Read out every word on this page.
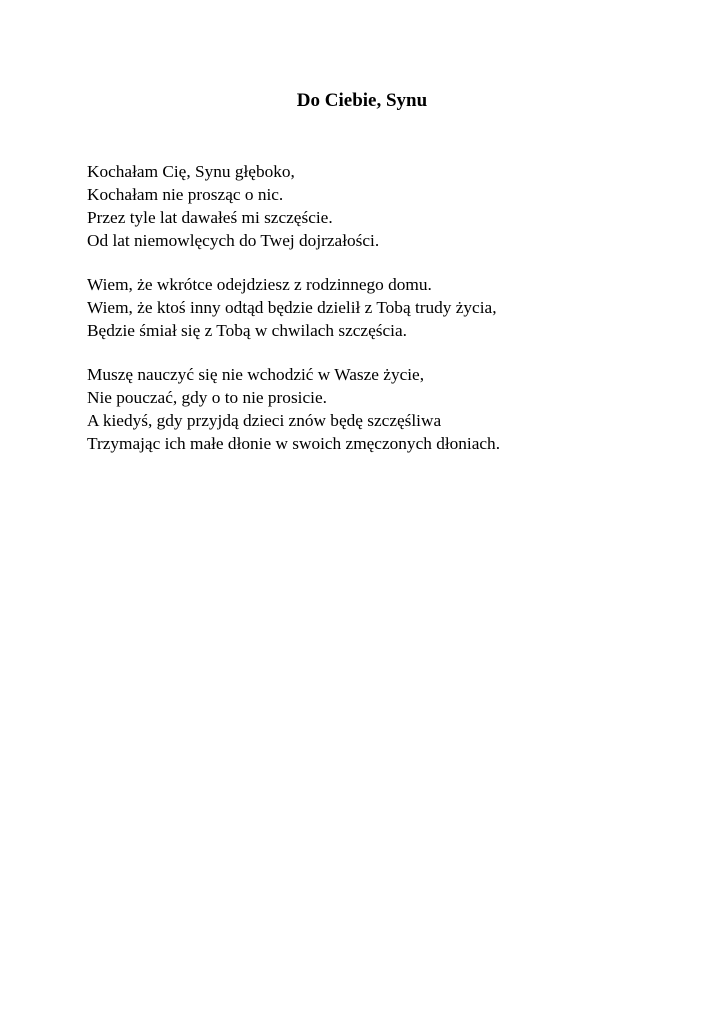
Do Ciebie, Synu
Kochałam Cię, Synu głęboko,
Kochałam nie prosząc o nic.
Przez tyle lat dawałeś mi szczęście.
Od lat niemowlęcych do Twej dojrzałości.
Wiem, że wkrótce odejdziesz z rodzinnego domu.
Wiem, że ktoś inny odtąd będzie dzielił z Tobą trudy życia,
Będzie śmiał się z Tobą w chwilach szczęścia.
Muszę nauczyć się nie wchodzić w Wasze życie,
Nie pouczać, gdy o to nie prosicie.
A kiedyś, gdy przyjdą dzieci znów będę szczęśliwa
Trzymając ich małe dłonie w swoich zmęczonych dłoniach.
